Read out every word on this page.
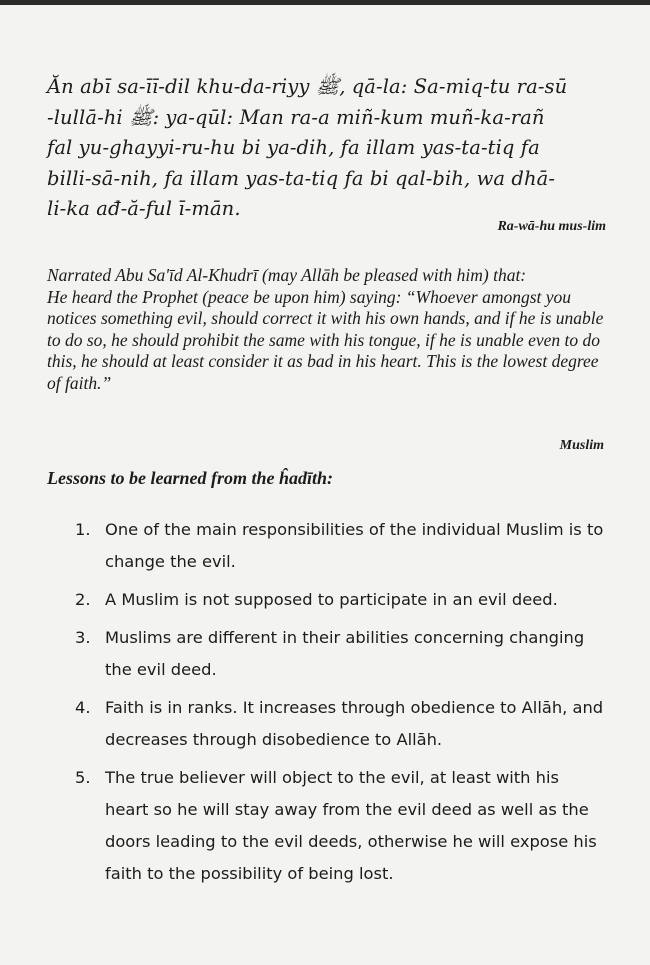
Ăn abī sa-īī-dil khu-da-riyy ﷺ, qā-la: Sa-miq-tu ra-sū
-lullā-hi ﷺ: ya-qūl: Man ra-a miñ-kum muñ-ka-rañ
fal yu-ghayyi-ru-hu bi ya-dih, fa illam yas-ta-tiq fa
billi-sā-nih, fa illam yas-ta-tiq fa bi qal-bih, wa dhā-
li-ka ađ-ă-ful ī-mān.
Ra-wā-hu mus-lim

Narrated Abu Sa'īd Al-Khudrī (may Allāh be pleased with him) that:

He heard the Prophet (peace be upon him) saying: “Whoever amongst you notices something evil, should correct it with his own hands, and if he is unable to do so, he should prohibit the same with his tongue, if he is unable even to do this, he should at least consider it as bad in his heart. This is the lowest degree of faith.”

Muslim
Lessons to be learned from the ĥadīth:
1. One of the main responsibilities of the individual Muslim is to change the evil.
2. A Muslim is not supposed to participate in an evil deed.
3. Muslims are different in their abilities concerning changing the evil deed.
4. Faith is in ranks. It increases through obedience to Allāh, and decreases through disobedience to Allāh.
5. The true believer will object to the evil, at least with his heart so he will stay away from the evil deed as well as the doors leading to the evil deeds, otherwise he will expose his faith to the possibility of being lost.
